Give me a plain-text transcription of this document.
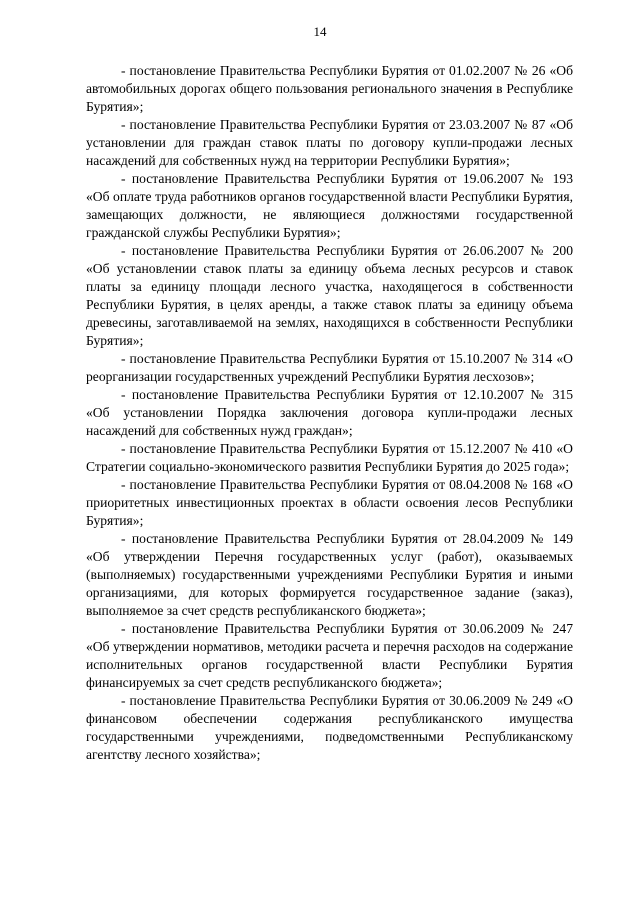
14

- постановление Правительства Республики Бурятия от 01.02.2007 № 26 «Об автомобильных дорогах общего пользования регионального значения в Республике Бурятия»;

- постановление Правительства Республики Бурятия от 23.03.2007 № 87 «Об установлении для граждан ставок платы по договору купли-продажи лесных насаждений для собственных нужд на территории Республики Бурятия»;

- постановление Правительства Республики Бурятия от 19.06.2007 № 193 «Об оплате труда работников органов государственной власти Республики Бурятия, замещающих должности, не являющиеся должностями государственной гражданской службы Республики Бурятия»;

- постановление Правительства Республики Бурятия от 26.06.2007 № 200 «Об установлении ставок платы за единицу объема лесных ресурсов и ставок платы за единицу площади лесного участка, находящегося в собственности Республики Бурятия, в целях аренды, а также ставок платы за единицу объема древесины, заготавливаемой на землях, находящихся в собственности Республики Бурятия»;

- постановление Правительства Республики Бурятия от 15.10.2007 № 314 «О реорганизации государственных учреждений Республики Бурятия лесхозов»;

- постановление Правительства Республики Бурятия от 12.10.2007 № 315 «Об установлении Порядка заключения договора купли-продажи лесных насаждений для собственных нужд граждан»;

- постановление Правительства Республики Бурятия от 15.12.2007 № 410 «О Стратегии социально-экономического развития Республики Бурятия до 2025 года»;

- постановление Правительства Республики Бурятия от 08.04.2008 № 168 «О приоритетных инвестиционных проектах в области освоения лесов Республики Бурятия»;

- постановление Правительства Республики Бурятия от 28.04.2009 № 149 «Об утверждении Перечня государственных услуг (работ), оказываемых (выполняемых) государственными учреждениями Республики Бурятия и иными организациями, для которых формируется государственное задание (заказ), выполняемое за счет средств республиканского бюджета»;

- постановление Правительства Республики Бурятия от 30.06.2009 № 247 «Об утверждении нормативов, методики расчета и перечня расходов на содержание исполнительных органов государственной власти Республики Бурятия финансируемых за счет средств республиканского бюджета»;

- постановление Правительства Республики Бурятия от 30.06.2009 № 249 «О финансовом обеспечении содержания республиканского имущества государственными учреждениями, подведомственными Республиканскому агентству лесного хозяйства»;
